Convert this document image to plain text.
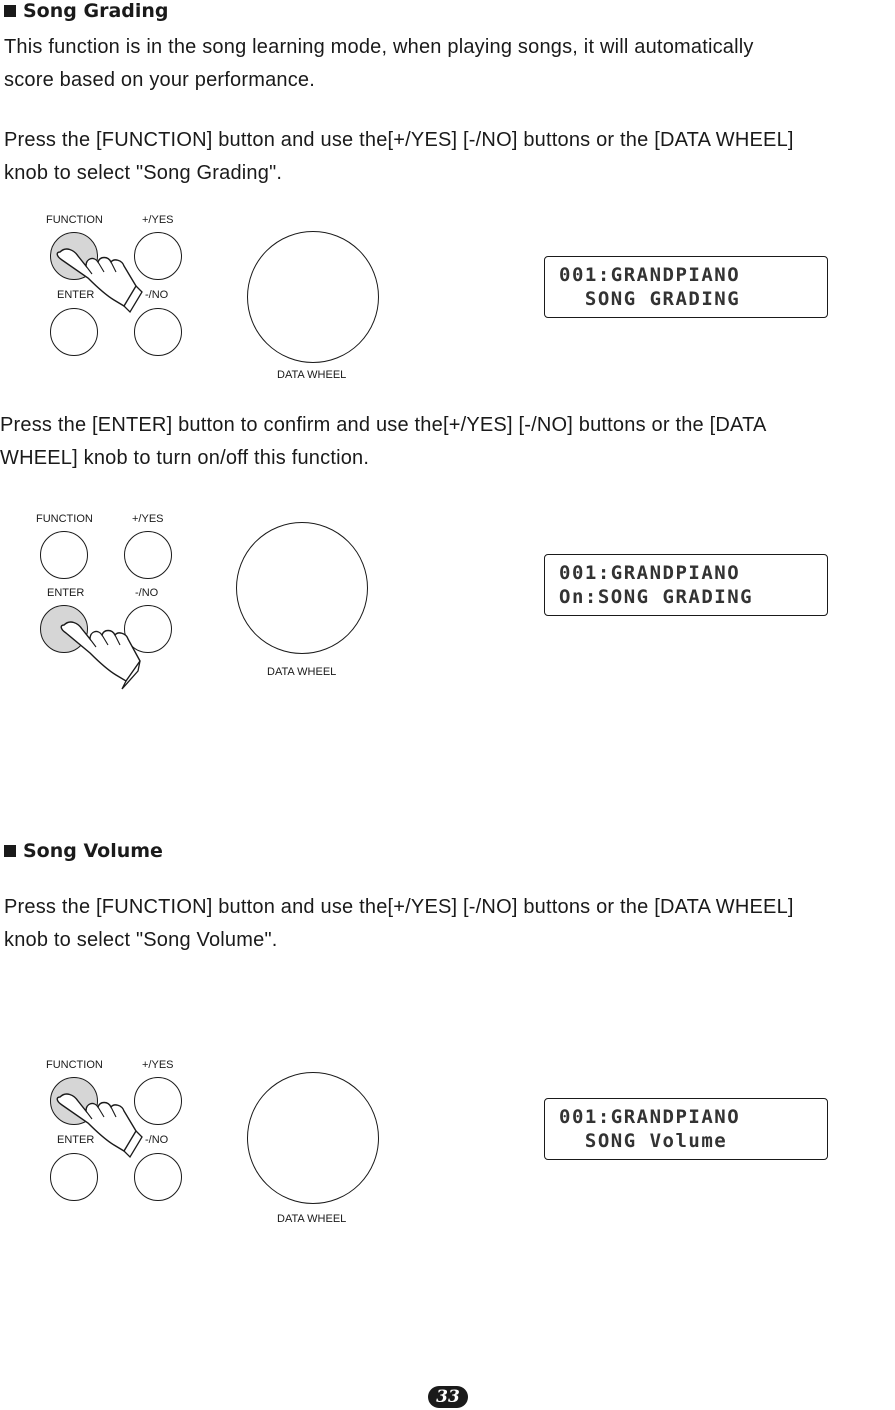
Song Grading
This function is in the song learning mode, when playing songs, it will automatically
score based on your performance.
Press the [FUNCTION] button and use the[+/YES] [-/NO] buttons or the [DATA WHEEL]
knob to select "Song Grading".
FUNCTION	+/YES
ENTER	-/NO
DATA WHEEL
001:GRANDPIANO
SONG GRADING
Press the [ENTER] button to confirm and use the[+/YES] [-/NO] buttons or the [DATA
WHEEL] knob to turn on/off this function.
FUNCTION	+/YES
ENTER	-/NO
DATA WHEEL
001:GRANDPIANO
On:SONG GRADING
Song Volume
Press the [FUNCTION] button and use the[+/YES] [-/NO] buttons or the [DATA WHEEL]
knob to select "Song Volume".
FUNCTION	+/YES
ENTER	-/NO
DATA WHEEL
001:GRANDPIANO
SONG Volume
33
